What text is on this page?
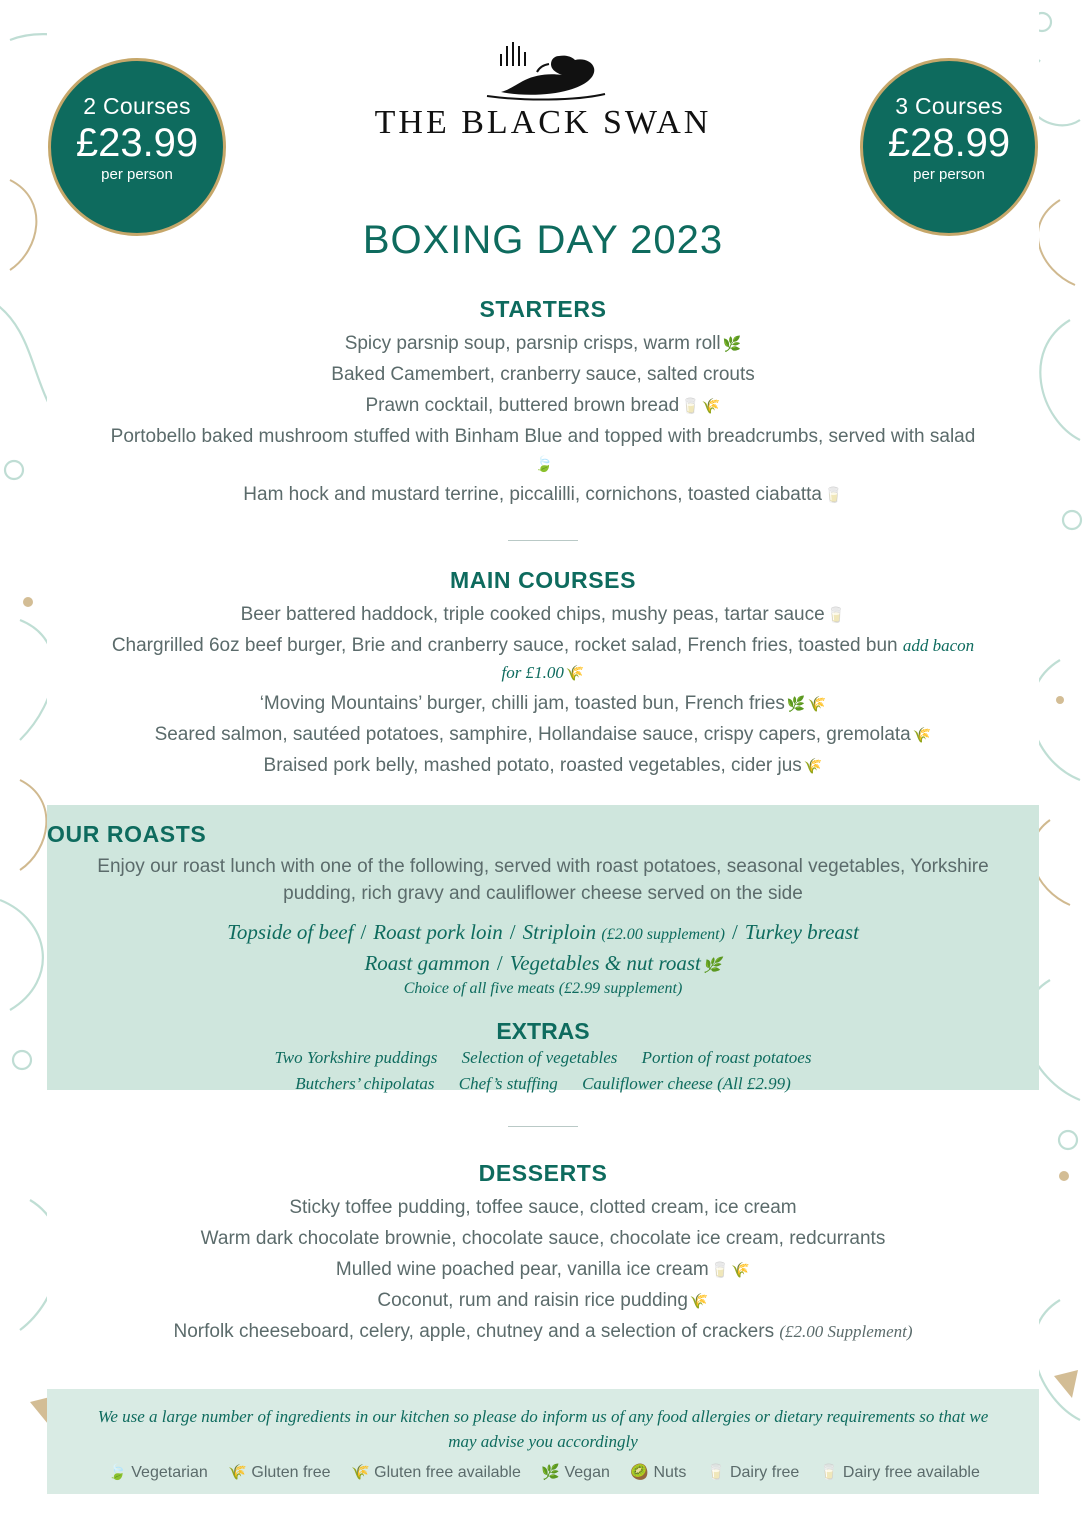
THE BLACK SWAN
2 Courses
£23.99
per person
3 Courses
£28.99
per person
BOXING DAY 2023
STARTERS
Spicy parsnip soup, parsnip crisps, warm roll 🌿
Baked Camembert, cranberry sauce, salted crouts
Prawn cocktail, buttered brown bread 🥛 🌾
Portobello baked mushroom stuffed with Binham Blue and topped with breadcrumbs, served with salad🍃
Ham hock and mustard terrine, piccalilli, cornichons, toasted ciabatta 🥛
MAIN COURSES
Beer battered haddock, triple cooked chips, mushy peas, tartar sauce 🥛
Chargrilled 6oz beef burger, Brie and cranberry sauce, rocket salad, French fries, toasted bun add bacon for £1.00 🌾
‘Moving Mountains’ burger, chilli jam, toasted bun, French fries 🌿 🌾
Seared salmon, sautéed potatoes, samphire, Hollandaise sauce, crispy capers, gremolata 🌾
Braised pork belly, mashed potato, roasted vegetables, cider jus 🌾
OUR ROASTS
Enjoy our roast lunch with one of the following, served with roast potatoes, seasonal vegetables, Yorkshire pudding, rich gravy and cauliflower cheese served on the side
Topside of beef / Roast pork loin / Striploin (£2.00 supplement) / Turkey breast
Roast gammon / Vegetables & nut roast 🌿
Choice of all five meats (£2.99 supplement)
EXTRAS
Two Yorkshire puddings Selection of vegetables Portion of roast potatoes
Butchers’ chipolatas Chef’s stuffing Cauliflower cheese (All £2.99)
DESSERTS
Sticky toffee pudding, toffee sauce, clotted cream, ice cream
Warm dark chocolate brownie, chocolate sauce, chocolate ice cream, redcurrants
Mulled wine poached pear, vanilla ice cream 🥛 🌾
Coconut, rum and raisin rice pudding 🌾
Norfolk cheeseboard, celery, apple, chutney and a selection of crackers (£2.00 Supplement)
We use a large number of ingredients in our kitchen so please do inform us of any food allergies or dietary requirements so that we may advise you accordingly
🍃 Vegetarian 🌾 Gluten free 🌾 Gluten free available 🌿 Vegan 🥝 Nuts 🥛 Dairy free 🥛 Dairy free available
